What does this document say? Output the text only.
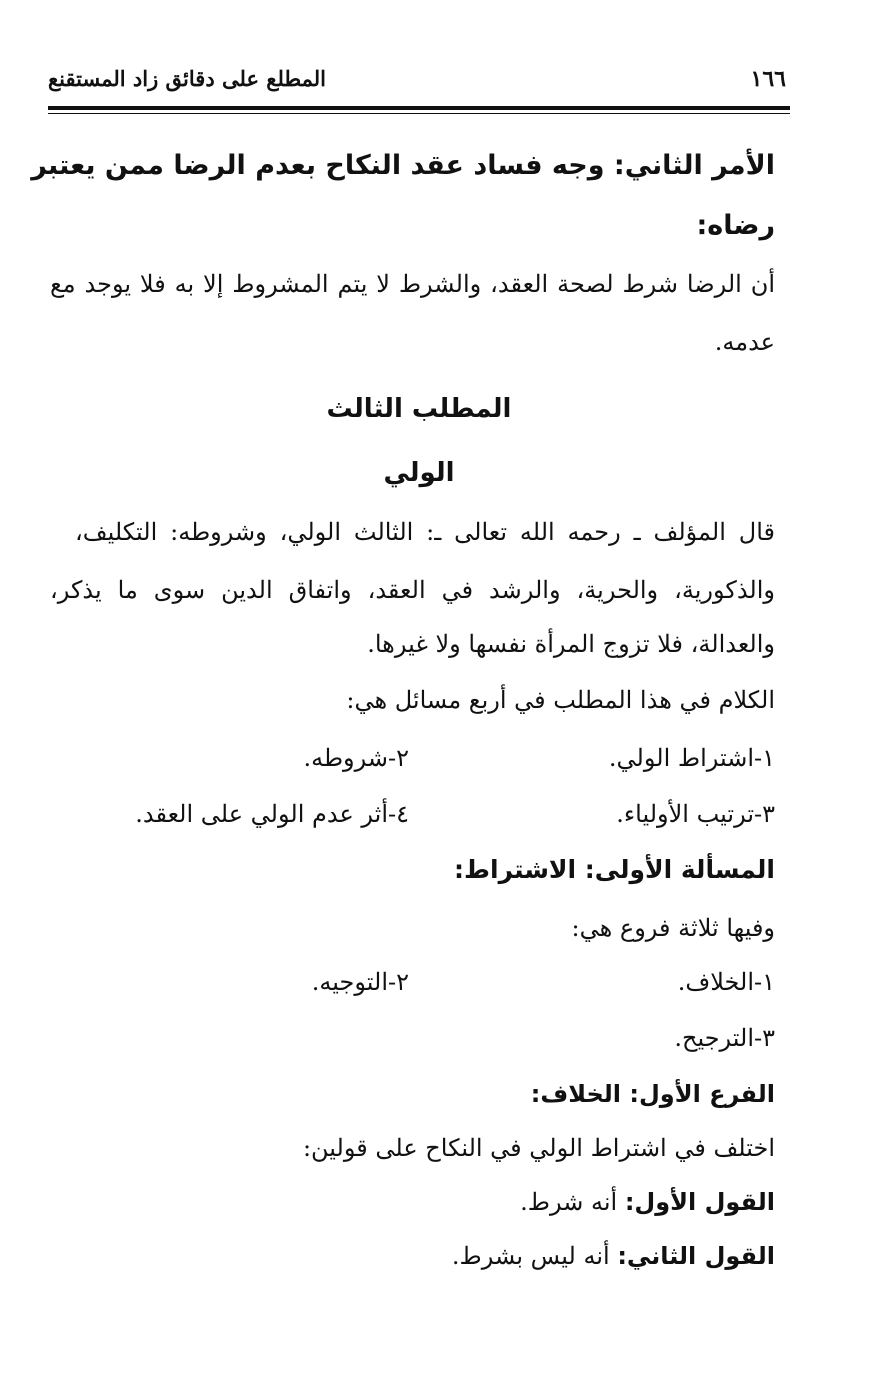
١٦٦
المطلع على دقائق زاد المستقنع
الأمر الثاني: وجه فساد عقد النكاح بعدم الرضا ممن يعتبر
رضاه:
أن الرضا شرط لصحة العقد، والشرط لا يتم المشروط إلا به فلا يوجد مع
عدمه.
المطلب الثالث
الولي
قال المؤلف ـ رحمه الله تعالى ـ: الثالث الولي، وشروطه: التكليف،
والذكورية، والحرية، والرشد في العقد، واتفاق الدين سوى ما يذكر،
والعدالة، فلا تزوج المرأة نفسها ولا غيرها.
الكلام في هذا المطلب في أربع مسائل هي:
١-اشتراط الولي.
٢-شروطه.
٣-ترتيب الأولياء.
٤-أثر عدم الولي على العقد.
المسألة الأولى: الاشتراط:
وفيها ثلاثة فروع هي:
١-الخلاف.
٢-التوجيه.
٣-الترجيح.
الفرع الأول: الخلاف:
اختلف في اشتراط الولي في النكاح على قولين:
القول الأول: أنه شرط.
القول الثاني: أنه ليس بشرط.
